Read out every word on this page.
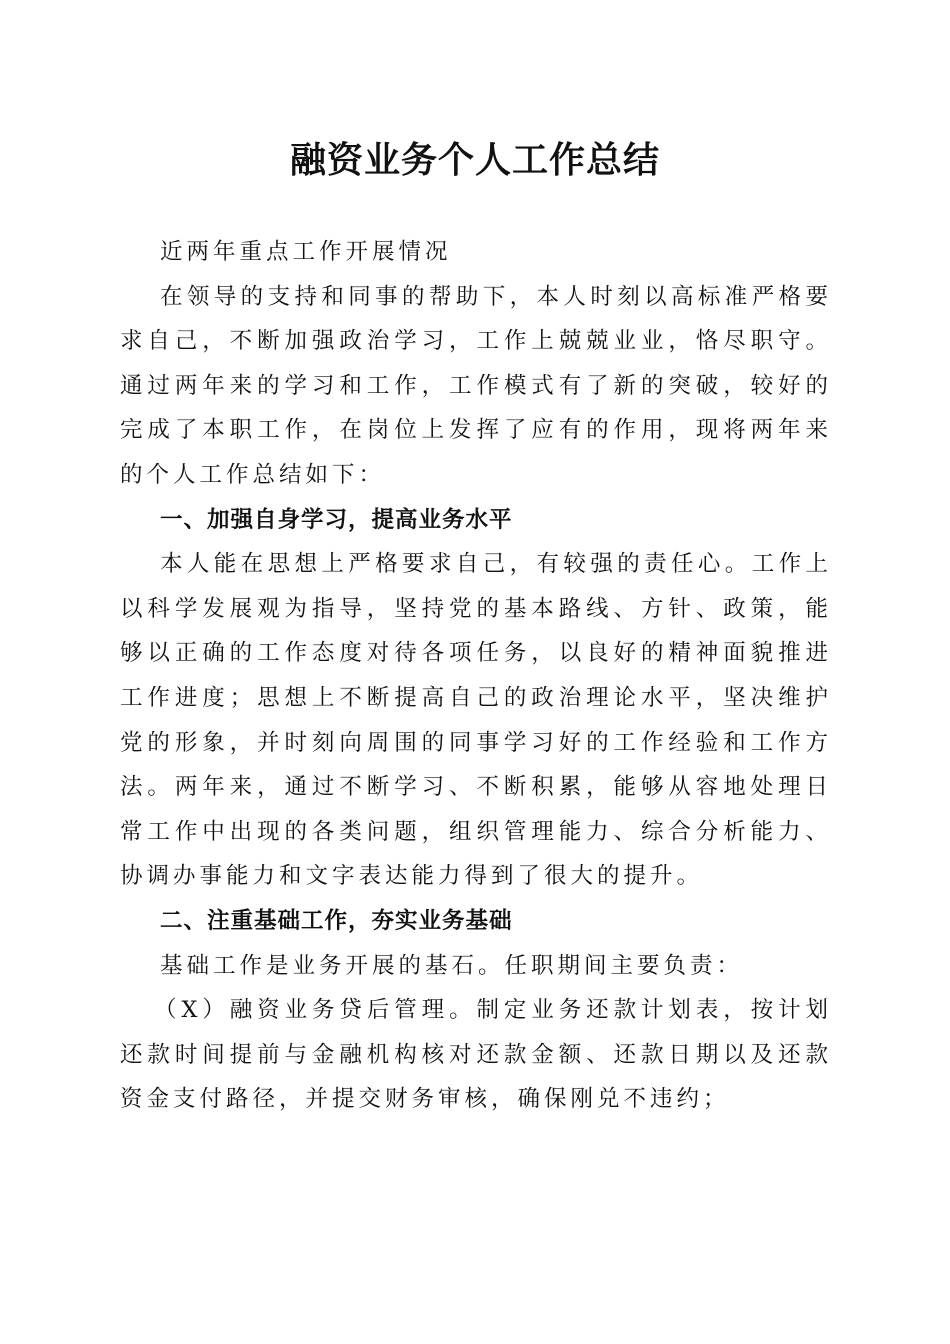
融资业务个人工作总结

近两年重点工作开展情况

在领导的支持和同事的帮助下，本人时刻以高标准严格要求自己，不断加强政治学习，工作上兢兢业业，恪尽职守。通过两年来的学习和工作，工作模式有了新的突破，较好的完成了本职工作，在岗位上发挥了应有的作用，现将两年来的个人工作总结如下：

一、加强自身学习，提高业务水平

本人能在思想上严格要求自己，有较强的责任心。工作上以科学发展观为指导，坚持党的基本路线、方针、政策，能够以正确的工作态度对待各项任务，以良好的精神面貌推进工作进度；思想上不断提高自己的政治理论水平，坚决维护党的形象，并时刻向周围的同事学习好的工作经验和工作方法。两年来，通过不断学习、不断积累，能够从容地处理日常工作中出现的各类问题，组织管理能力、综合分析能力、协调办事能力和文字表达能力得到了很大的提升。

二、注重基础工作，夯实业务基础

基础工作是业务开展的基石。任职期间主要负责：

（X）融资业务贷后管理。制定业务还款计划表，按计划还款时间提前与金融机构核对还款金额、还款日期以及还款资金支付路径，并提交财务审核，确保刚兑不违约；
